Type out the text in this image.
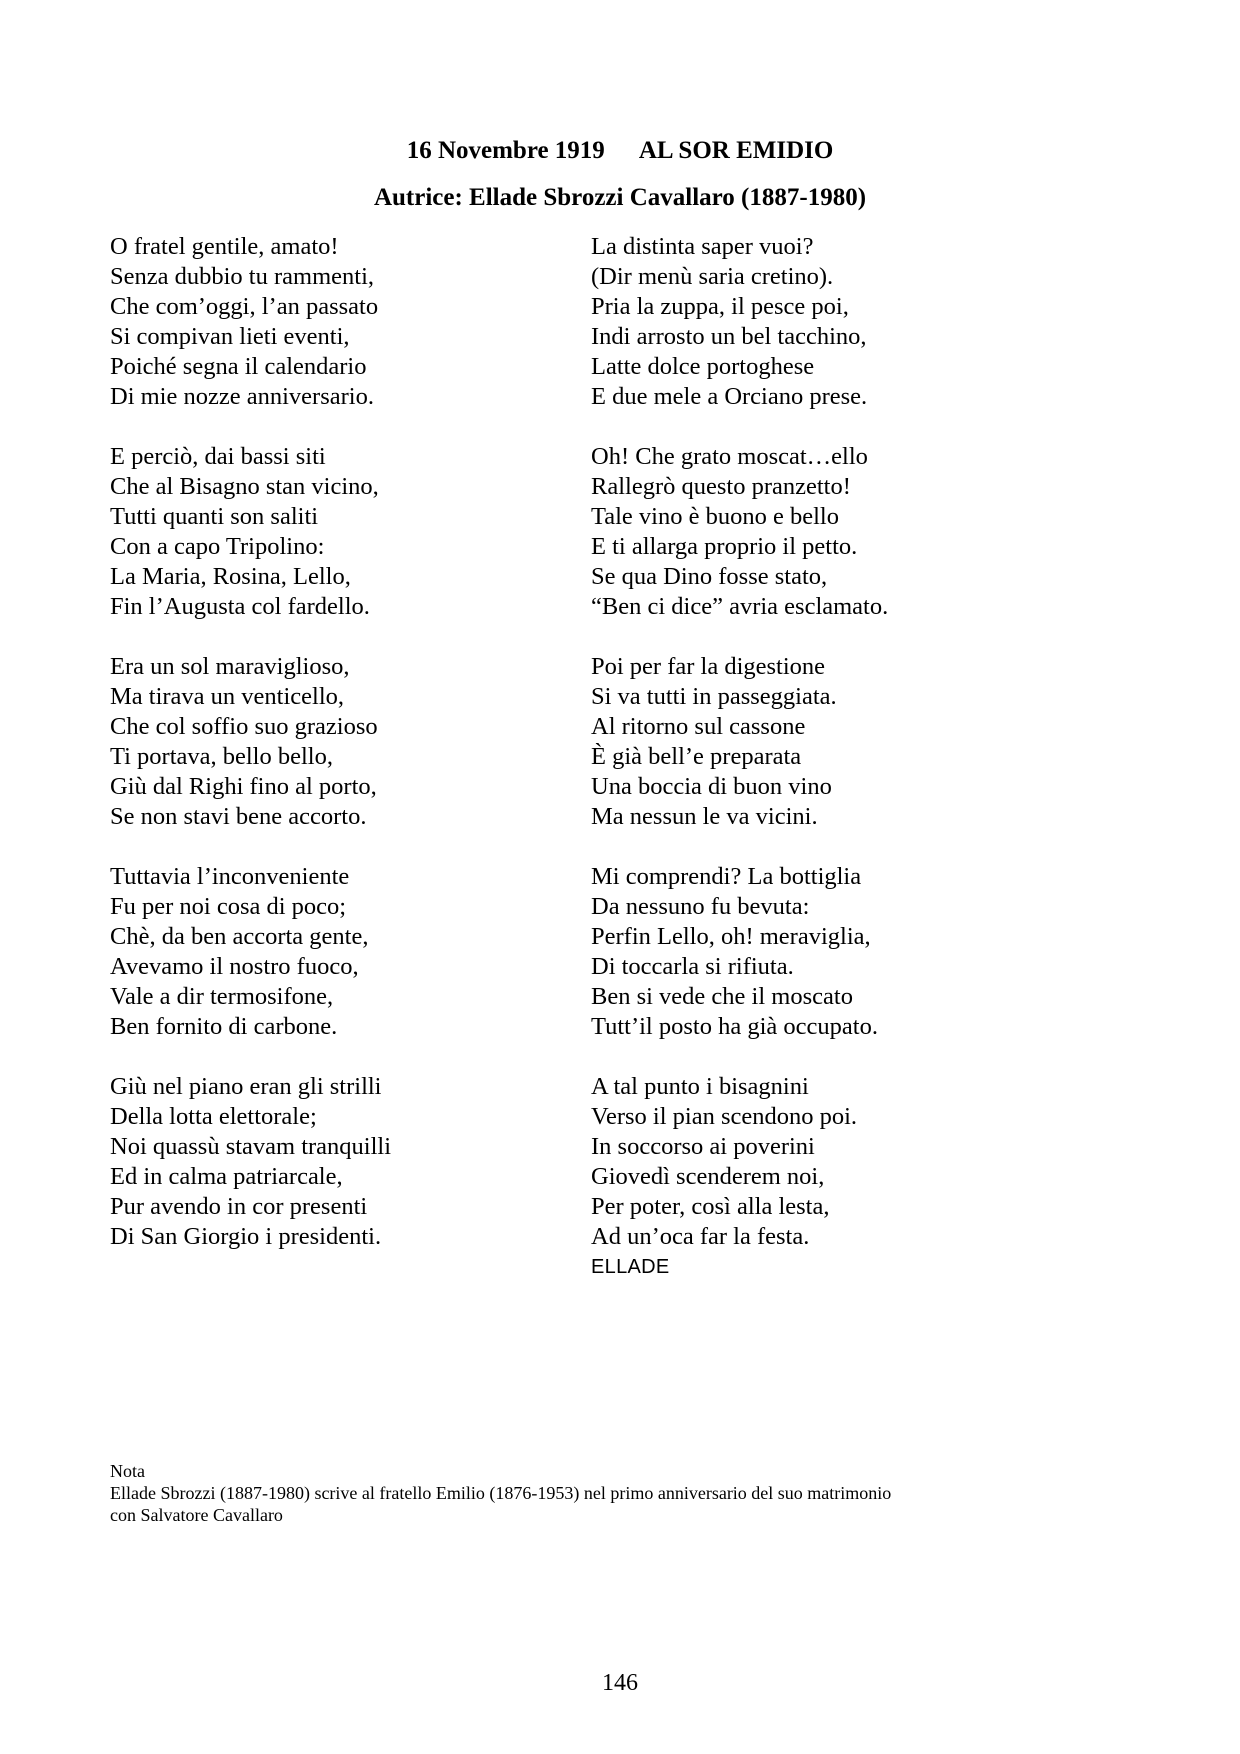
16 Novembre 1919 AL SOR EMIDIO
Autrice: Ellade Sbrozzi Cavallaro (1887-1980)
O fratel gentile, amato!
Senza dubbio tu rammenti,
Che com’oggi, l’an passato
Si compivan lieti eventi,
Poiché segna il calendario
Di mie nozze anniversario.
E perciò, dai bassi siti
Che al Bisagno stan vicino,
Tutti quanti son saliti
Con a capo Tripolino:
La Maria, Rosina, Lello,
Fin l’Augusta col fardello.
Era un sol maraviglioso,
Ma tirava un venticello,
Che col soffio suo grazioso
Ti portava, bello bello,
Giù dal Righi fino al porto,
Se non stavi bene accorto.
Tuttavia l’inconveniente
Fu per noi cosa di poco;
Chè, da ben accorta gente,
Avevamo il nostro fuoco,
Vale a dir termosifone,
Ben fornito di carbone.
Giù nel piano eran gli strilli
Della lotta elettorale;
Noi quassù stavam tranquilli
Ed in calma patriarcale,
Pur avendo in cor presenti
Di San Giorgio i presidenti.
La distinta saper vuoi?
(Dir menù saria cretino).
Pria la zuppa, il pesce poi,
Indi arrosto un bel tacchino,
Latte dolce portoghese
E due mele a Orciano prese.
Oh! Che grato moscat…ello
Rallegrò questo pranzetto!
Tale vino è buono e bello
E ti allarga proprio il petto.
Se qua Dino fosse stato,
“Ben ci dice” avria esclamato.
Poi per far la digestione
Si va tutti in passeggiata.
Al ritorno sul cassone
È già bell’e preparata
Una boccia di buon vino
Ma nessun le va vicini.
Mi comprendi? La bottiglia
Da nessuno fu bevuta:
Perfin Lello, oh! meraviglia,
Di toccarla si rifiuta.
Ben si vede che il moscato
Tutt’il posto ha già occupato.
A tal punto i bisagnini
Verso il pian scendono poi.
In soccorso ai poverini
Giovedì scenderem noi,
Per poter, così alla lesta,
Ad un’oca far la festa.
ELLADE
Nota
Ellade Sbrozzi (1887-1980) scrive al fratello Emilio (1876-1953) nel primo anniversario del suo matrimonio
con Salvatore Cavallaro
146
